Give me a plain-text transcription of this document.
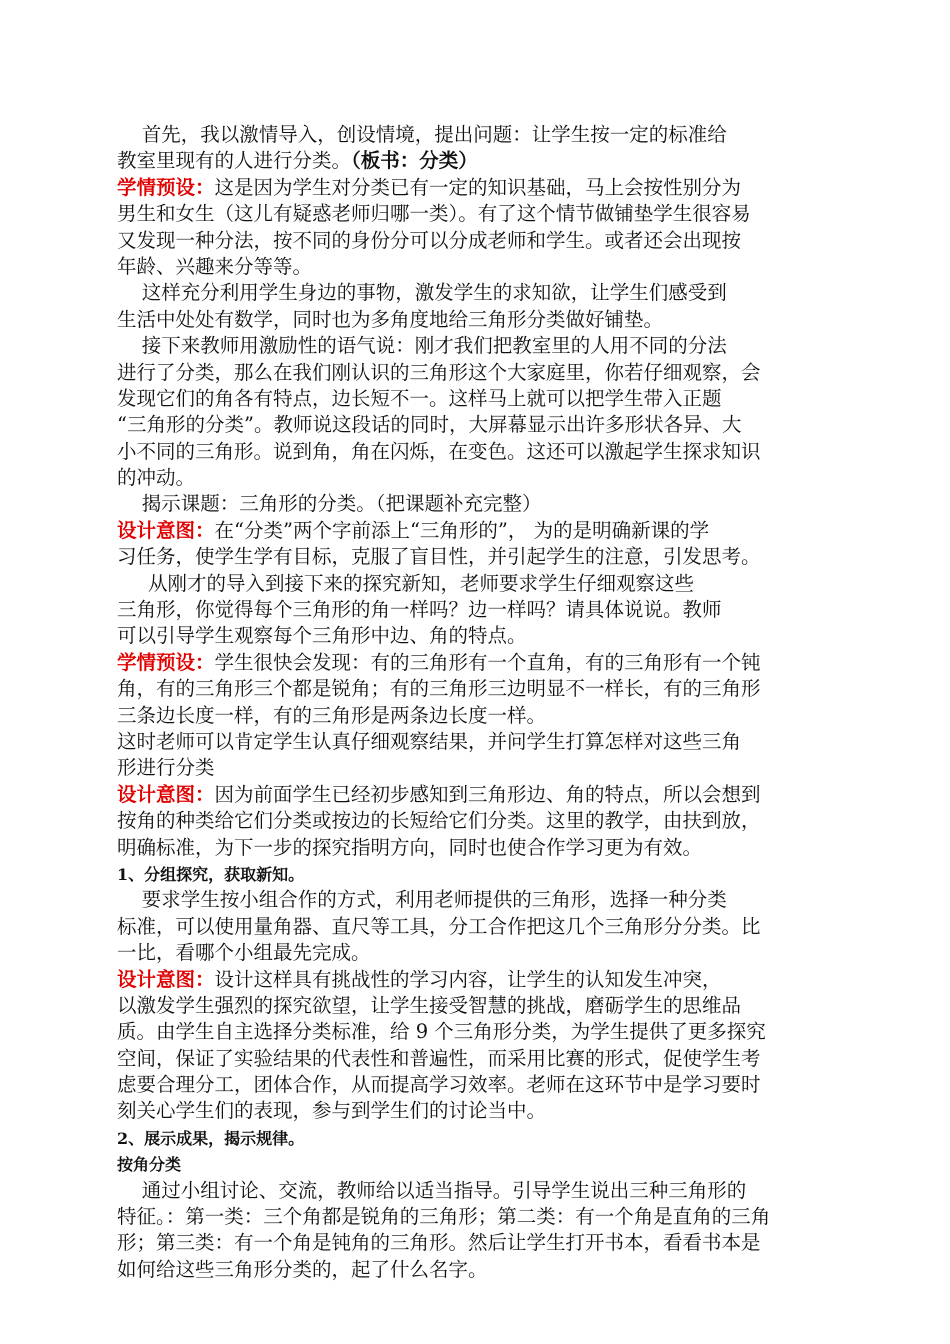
首先，我以激情导入，创设情境，提出问题：让学生按一定的标准给
教室里现有的人进行分类。（板书：分类）
学情预设：这是因为学生对分类已有一定的知识基础，马上会按性别分为
男生和女生（这儿有疑惑老师归哪一类）。有了这个情节做铺垫学生很容易
又发现一种分法，按不同的身份分可以分成老师和学生。或者还会出现按
年龄、兴趣来分等等。
这样充分利用学生身边的事物，激发学生的求知欲，让学生们感受到
生活中处处有数学，同时也为多角度地给三角形分类做好铺垫。
接下来教师用激励性的语气说：刚才我们把教室里的人用不同的分法
进行了分类，那么在我们刚认识的三角形这个大家庭里，你若仔细观察，会
发现它们的角各有特点，边长短不一。这样马上就可以把学生带入正题
“三角形的分类”。教师说这段话的同时，大屏幕显示出许多形状各异、大
小不同的三角形。说到角，角在闪烁，在变色。这还可以激起学生探求知识
的冲动。
揭示课题：三角形的分类。（把课题补充完整）
设计意图：在“分类”两个字前添上“三角形的”， 为的是明确新课的学
习任务，使学生学有目标，克服了盲目性，并引起学生的注意，引发思考。
从刚才的导入到接下来的探究新知，老师要求学生仔细观察这些
三角形，你觉得每个三角形的角一样吗？边一样吗？请具体说说。教师
可以引导学生观察每个三角形中边、角的特点。
学情预设：学生很快会发现：有的三角形有一个直角，有的三角形有一个钝
角，有的三角形三个都是锐角；有的三角形三边明显不一样长，有的三角形
三条边长度一样，有的三角形是两条边长度一样。
这时老师可以肯定学生认真仔细观察结果，并问学生打算怎样对这些三角
形进行分类
设计意图：因为前面学生已经初步感知到三角形边、角的特点，所以会想到
按角的种类给它们分类或按边的长短给它们分类。这里的教学，由扶到放，
明确标准，为下一步的探究指明方向，同时也使合作学习更为有效。
1、分组探究，获取新知。
要求学生按小组合作的方式，利用老师提供的三角形，选择一种分类
标准，可以使用量角器、直尺等工具，分工合作把这几个三角形分分类。比
一比，看哪个小组最先完成。
设计意图：设计这样具有挑战性的学习内容，让学生的认知发生冲突，
以激发学生强烈的探究欲望，让学生接受智慧的挑战，磨砺学生的思维品
质。由学生自主选择分类标准，给 9 个三角形分类，为学生提供了更多探究
空间，保证了实验结果的代表性和普遍性，而采用比赛的形式，促使学生考
虑要合理分工，团体合作，从而提高学习效率。老师在这环节中是学习要时
刻关心学生们的表现，参与到学生们的讨论当中。
2、展示成果，揭示规律。
按角分类
通过小组讨论、交流，教师给以适当指导。引导学生说出三种三角形的
特征。：第一类：三个角都是锐角的三角形；第二类：有一个角是直角的三角
形；第三类：有一个角是钝角的三角形。然后让学生打开书本，看看书本是
如何给这些三角形分类的，起了什么名字。
